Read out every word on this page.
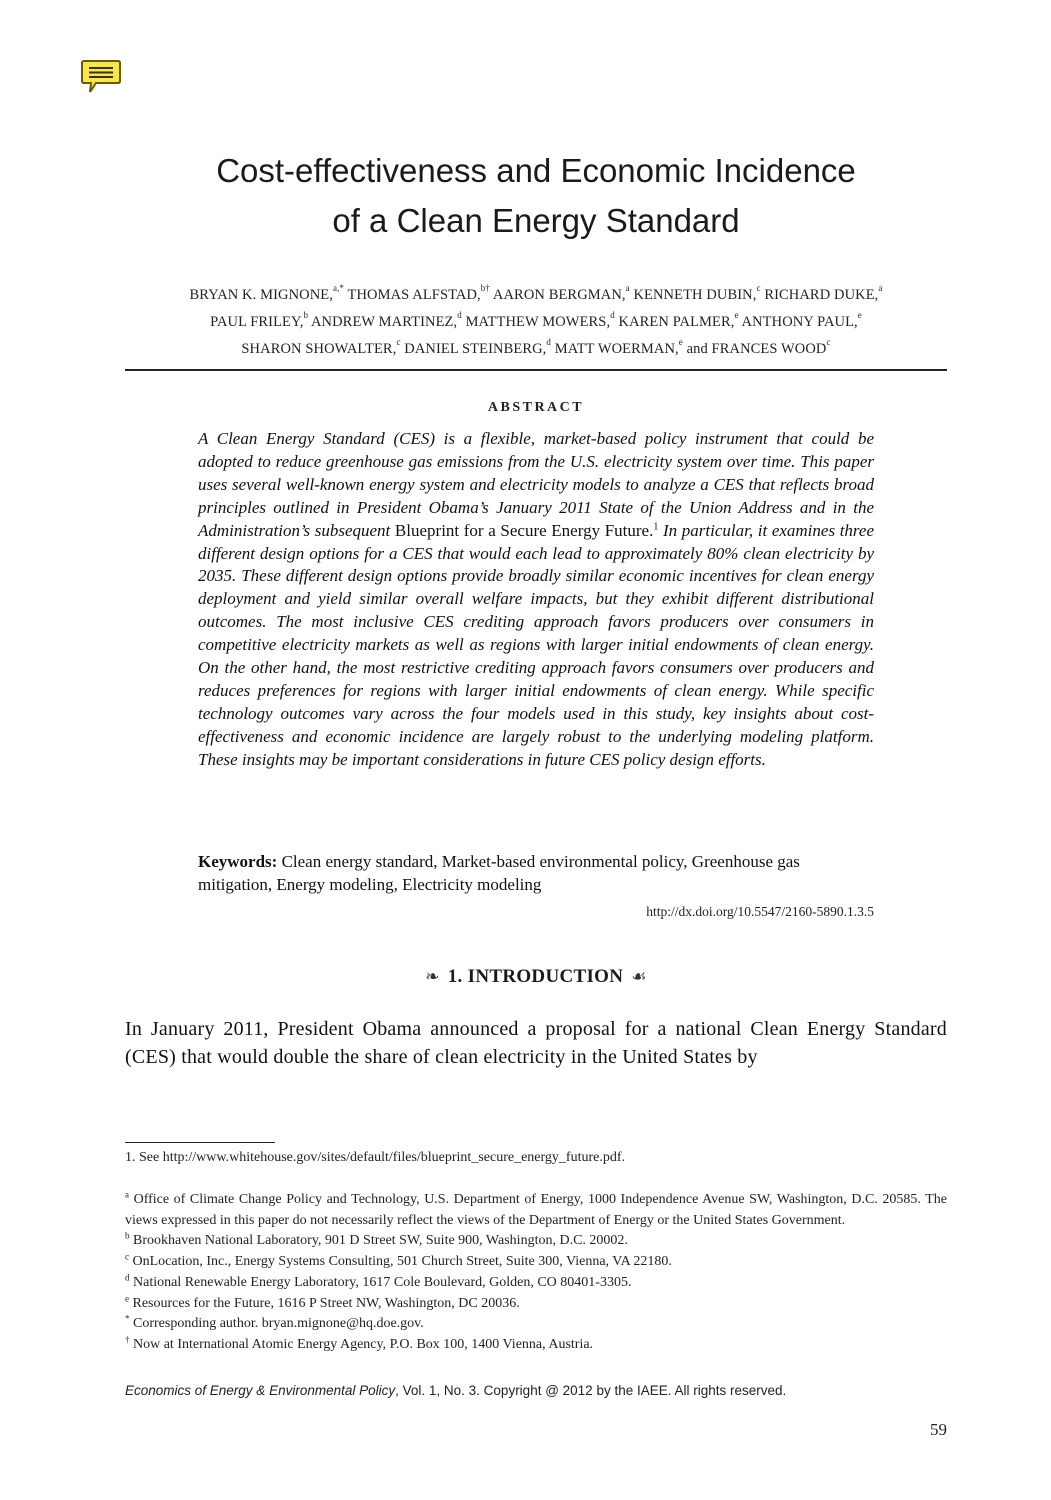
Cost-effectiveness and Economic Incidence
of a Clean Energy Standard
BRYAN K. MIGNONE,$^{a,*}$ THOMAS ALFSTAD,$^{b\dagger}$ AARON BERGMAN,$^a$ KENNETH DUBIN,$^c$ RICHARD DUKE,$^a$
PAUL FRILEY,$^b$ ANDREW MARTINEZ,$^d$ MATTHEW MOWERS,$^d$ KAREN PALMER,$^e$ ANTHONY PAUL,$^e$
SHARON SHOWALTER,$^c$ DANIEL STEINBERG,$^d$ MATT WOERMAN,$^e$ and FRANCES WOOD$^c$
ABSTRACT

A Clean Energy Standard (CES) is a flexible, market-based policy instrument that could be adopted to reduce greenhouse gas emissions from the U.S. electricity system over time. This paper uses several well-known energy system and electricity models to analyze a CES that reflects broad principles outlined in President Obama’s January 2011 State of the Union Address and in the Administration’s subsequent Blueprint for a Secure Energy Future.$^1$ In particular, it examines three different design options for a CES that would each lead to approximately 80% clean electricity by 2035. These different design options provide broadly similar economic incentives for clean energy deployment and yield similar overall welfare impacts, but they exhibit different distributional outcomes. The most inclusive CES crediting approach favors producers over consumers in competitive electricity markets as well as regions with larger initial endowments of clean energy. On the other hand, the most restrictive crediting approach favors consumers over producers and reduces preferences for regions with larger initial endowments of clean energy. While specific technology outcomes vary across the four models used in this study, key insights about cost-effectiveness and economic incidence are largely robust to the underlying modeling platform. These insights may be important considerations in future CES policy design efforts.

Keywords: Clean energy standard, Market-based environmental policy, Greenhouse gas mitigation, Energy modeling, Electricity modeling

http://dx.doi.org/10.5547/2160-5890.1.3.5
❧ 1. INTRODUCTION ☙

In January 2011, President Obama announced a proposal for a national Clean Energy Standard (CES) that would double the share of clean electricity in the United States by

1. See http://www.whitehouse.gov/sites/default/files/blueprint_secure_energy_future.pdf.

$^a$ Office of Climate Change Policy and Technology, U.S. Department of Energy, 1000 Independence Avenue SW, Washington, D.C. 20585. The views expressed in this paper do not necessarily reflect the views of the Department of Energy or the United States Government.

$^b$ Brookhaven National Laboratory, 901 D Street SW, Suite 900, Washington, D.C. 20002.

$^c$ OnLocation, Inc., Energy Systems Consulting, 501 Church Street, Suite 300, Vienna, VA 22180.

$^d$ National Renewable Energy Laboratory, 1617 Cole Boulevard, Golden, CO 80401-3305.

$^e$ Resources for the Future, 1616 P Street NW, Washington, DC 20036.

* Corresponding author. bryan.mignone@hq.doe.gov.

† Now at International Atomic Energy Agency, P.O. Box 100, 1400 Vienna, Austria.

Economics of Energy & Environmental Policy, Vol. 1, No. 3. Copyright @ 2012 by the IAEE. All rights reserved.
59
